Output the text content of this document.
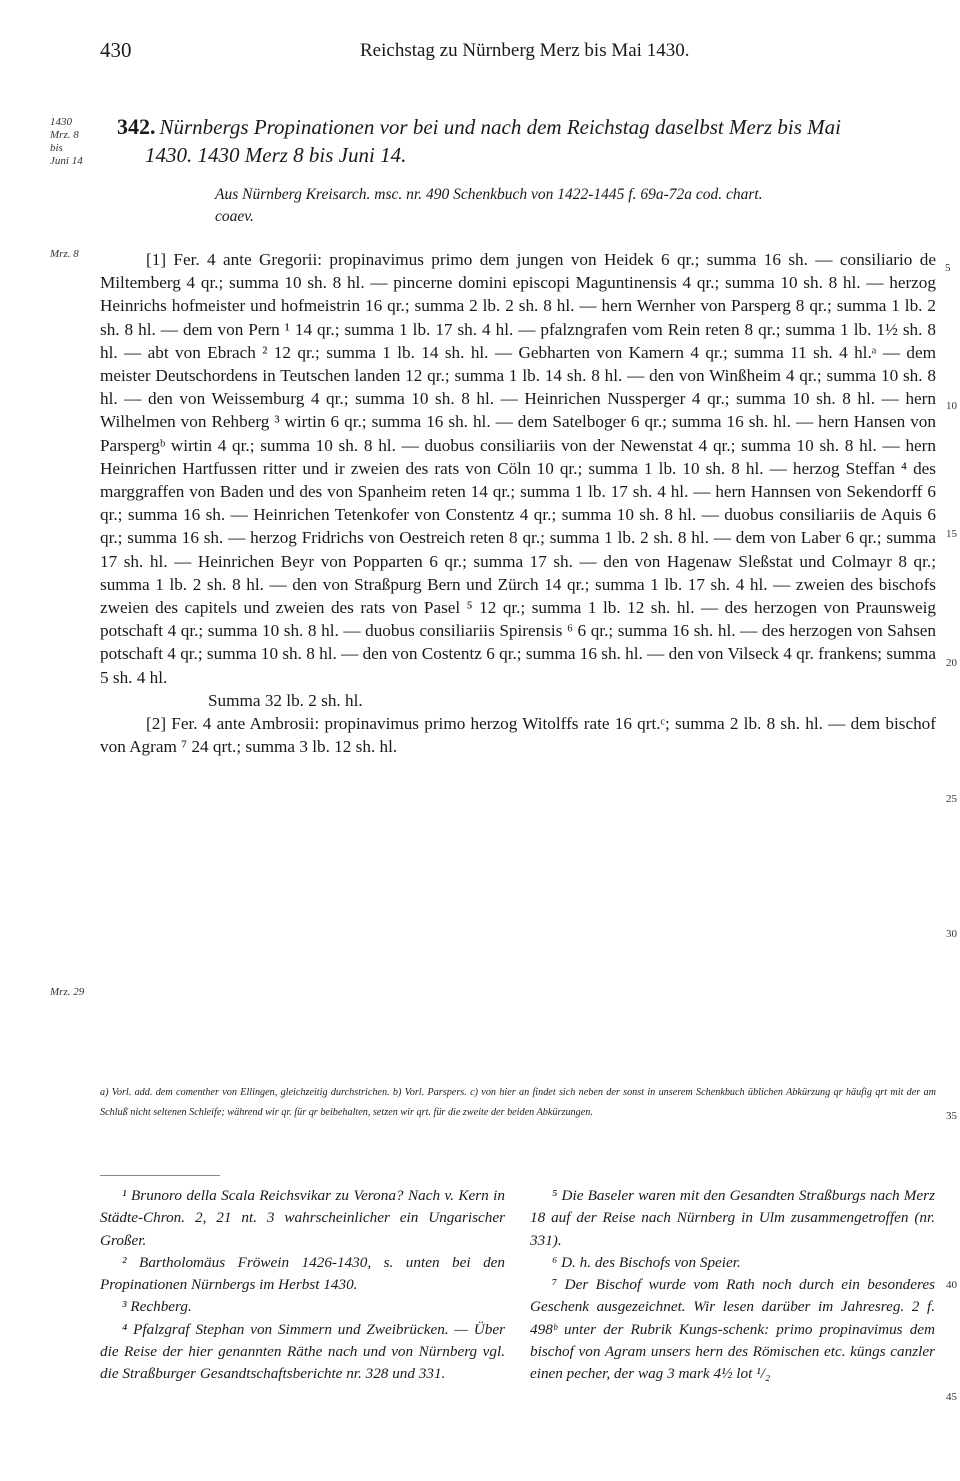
430	Reichstag zu Nürnberg Merz bis Mai 1430.
1430
Mrz. 8
bis
Juni 14
Mrz. 8
Mrz. 29
5
10
15
20
25
30
35
40
45
342. Nürnbergs Propinationen vor bei und nach dem Reichstag daselbst Merz bis Mai
1430. 1430 Merz 8 bis Juni 14.
Aus Nürnberg Kreisarch. msc. nr. 490 Schenkbuch von 1422-1445 f. 69a-72a cod. chart.
coaev.

[1] Fer. 4 ante Gregorii: propinavimus primo dem jungen von Heidek 6 qr.; summa 16 sh. — consiliario de Miltemberg 4 qr.; summa 10 sh. 8 hl. — pincerne domini episcopi Maguntinensis 4 qr.; summa 10 sh. 8 hl. — herzog Heinrichs hofmeister und hofmeistrin 16 qr.; summa 2 lb. 2 sh. 8 hl. — hern Wernher von Parsperg 8 qr.; summa 1 lb. 2 sh. 8 hl. — dem von Pern ¹ 14 qr.; summa 1 lb. 17 sh. 4 hl. — pfalzngrafen vom Rein reten 8 qr.; summa 1 lb. 1½ sh. 8 hl. — abt von Ebrach ² 12 qr.; summa 1 lb. 14 sh. hl. — Gebharten von Kamern 4 qr.; summa 11 sh. 4 hl.ᵃ — dem meister Deutschordens in Teutschen landen 12 qr.; summa 1 lb. 14 sh. 8 hl. — den von Winßheim 4 qr.; summa 10 sh. 8 hl. — den von Weissemburg 4 qr.; summa 10 sh. 8 hl. — Heinrichen Nussperger 4 qr.; summa 10 sh. 8 hl. — hern Wilhelmen von Rehberg ³ wirtin 6 qr.; summa 16 sh. hl. — dem Satelboger 6 qr.; summa 16 sh. hl. — hern Hansen von Parspergᵇ wirtin 4 qr.; summa 10 sh. 8 hl. — duobus consiliariis von der Newenstat 4 qr.; summa 10 sh. 8 hl. — hern Heinrichen Hartfussen ritter und ir zweien des rats von Cöln 10 qr.; summa 1 lb. 10 sh. 8 hl. — herzog Steffan ⁴ des marggraffen von Baden und des von Spanheim reten 14 qr.; summa 1 lb. 17 sh. 4 hl. — hern Hannsen von Sekendorff 6 qr.; summa 16 sh. — Heinrichen Tetenkofer von Constentz 4 qr.; summa 10 sh. 8 hl. — duobus consiliariis de Aquis 6 qr.; summa 16 sh. — herzog Fridrichs von Oestreich reten 8 qr.; summa 1 lb. 2 sh. 8 hl. — dem von Laber 6 qr.; summa 17 sh. hl. — Heinrichen Beyr von Popparten 6 qr.; summa 17 sh. — den von Hagenaw Sleßstat und Colmayr 8 qr.; summa 1 lb. 2 sh. 8 hl. — den von Straßpurg Bern und Zürch 14 qr.; summa 1 lb. 17 sh. 4 hl. — zweien des bischofs zweien des capitels und zweien des rats von Pasel ⁵ 12 qr.; summa 1 lb. 12 sh. hl. — des herzogen von Praunsweig potschaft 4 qr.; summa 10 sh. 8 hl. — duobus consiliariis Spirensis ⁶ 6 qr.; summa 16 sh. hl. — des herzogen von Sahsen potschaft 4 qr.; summa 10 sh. 8 hl. — den von Costentz 6 qr.; summa 16 sh. hl. — den von Vilseck 4 qr. frankens; summa 5 sh. 4 hl.

Summa 32 lb. 2 sh. hl.

[2] Fer. 4 ante Ambrosii: propinavimus primo herzog Witolffs rate 16 qrt.ᶜ; summa 2 lb. 8 sh. hl. — dem bischof von Agram ⁷ 24 qrt.; summa 3 lb. 12 sh. hl.

a) Vorl. add. dem comenther von Ellingen, gleichzeitig durchstrichen. b) Vorl. Parspers. c) von hier an findet sich neben der sonst in unserem Schenkbuch üblichen Abkürzung qr häufig qrt mit der am Schluß nicht seltenen Schleife; während wir qr. für qr beibehalten, setzen wir qrt. für die zweite der beiden Abkürzungen.

¹ Brunoro della Scala Reichsvikar zu Verona? Nach v. Kern in Städte-Chron. 2, 21 nt. 3 wahrscheinlicher ein Ungarischer Großer.

² Bartholomäus Fröwein 1426-1430, s. unten bei den Propinationen Nürnbergs im Herbst 1430.

³ Rechberg.

⁴ Pfalzgraf Stephan von Simmern und Zweibrücken. — Über die Reise der hier genannten Räthe nach und von Nürnberg vgl. die Straßburger Gesandtschaftsberichte nr. 328 und 331.

⁵ Die Baseler waren mit den Gesandten Straßburgs nach Merz 18 auf der Reise nach Nürnberg in Ulm zusammengetroffen (nr. 331).

⁶ D. h. des Bischofs von Speier.

⁷ Der Bischof wurde vom Rath noch durch ein besonderes Geschenk ausgezeichnet. Wir lesen darüber im Jahresreg. 2 f. 498ᵇ unter der Rubrik Kungs-schenk: primo propinavimus dem bischof von Agram unsers hern des Römischen etc. küngs canzler einen pecher, der wag 3 mark 4½ lot ¹/₂
